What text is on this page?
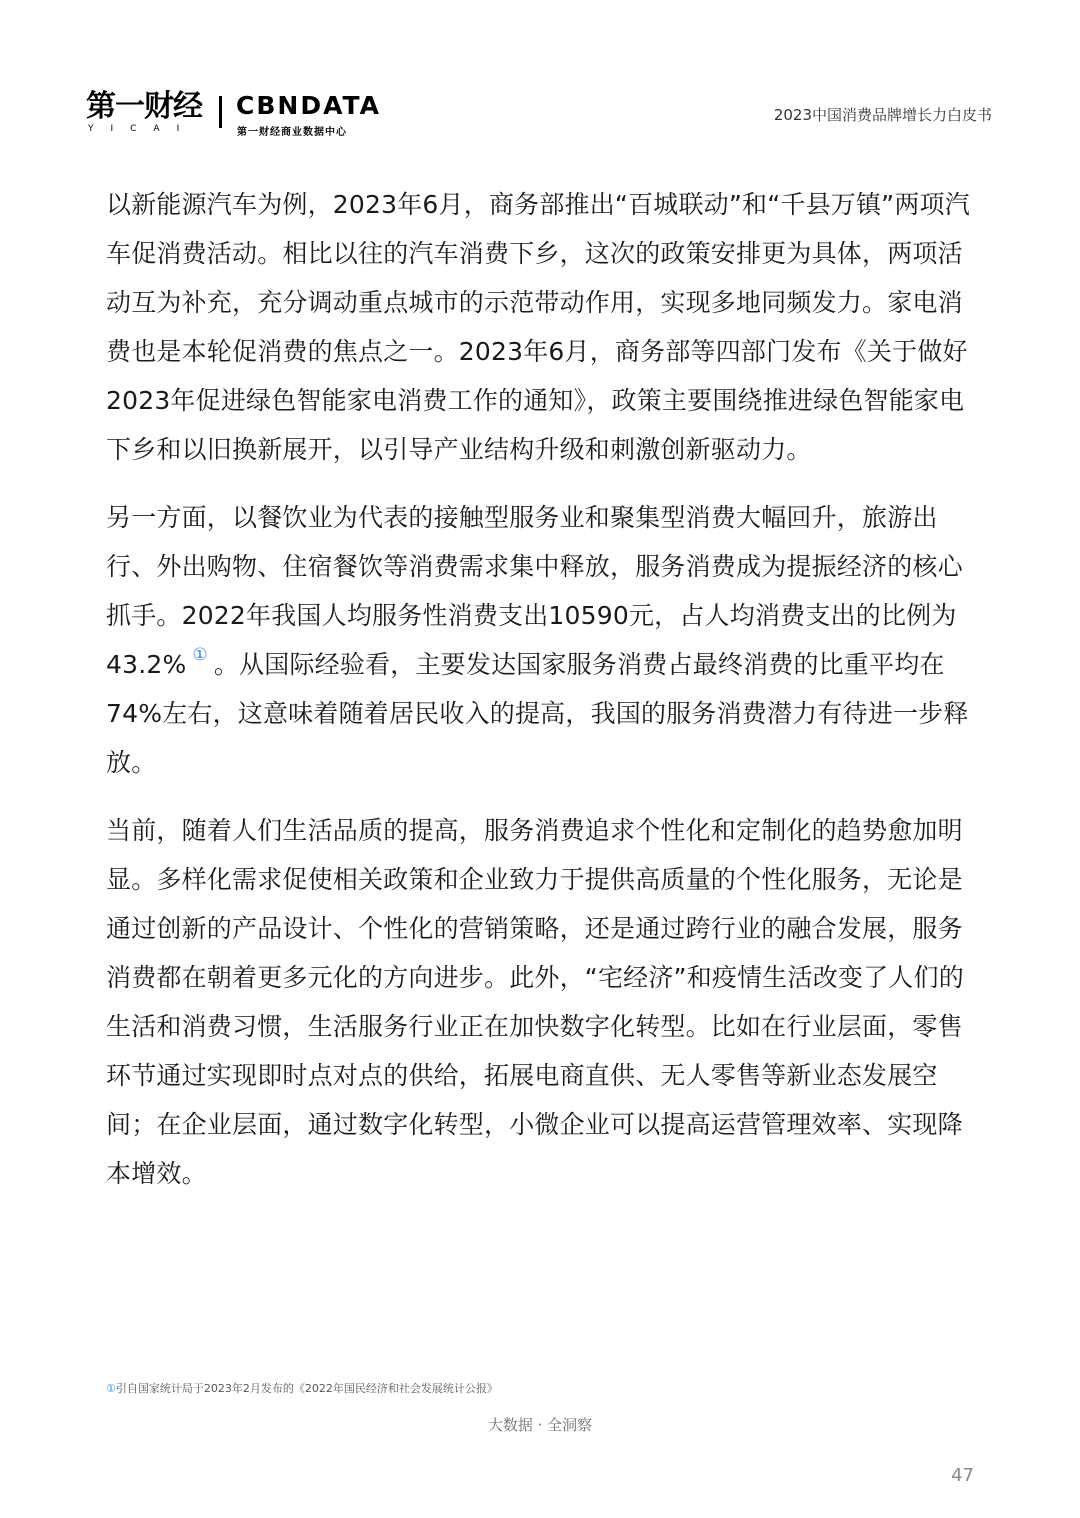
第一财经
YICAI
CBNDATA
第一财经商业数据中心
2023中国消费品牌增长力白皮书

以新能源汽车为例，2023年6月，商务部推出“百城联动”和“千县万镇”两项汽车促消费活动。相比以往的汽车消费下乡，这次的政策安排更为具体，两项活动互为补充，充分调动重点城市的示范带动作用，实现多地同频发力。家电消费也是本轮促消费的焦点之一。2023年6月，商务部等四部门发布《关于做好2023年促进绿色智能家电消费工作的通知》，政策主要围绕推进绿色智能家电下乡和以旧换新展开，以引导产业结构升级和刺激创新驱动力。

另一方面，以餐饮业为代表的接触型服务业和聚集型消费大幅回升，旅游出行、外出购物、住宿餐饮等消费需求集中释放，服务消费成为提振经济的核心抓手。2022年我国人均服务性消费支出10590元，占人均消费支出的比例为43.2% ① 。从国际经验看，主要发达国家服务消费占最终消费的比重平均在74%左右，这意味着随着居民收入的提高，我国的服务消费潜力有待进一步释放。

当前，随着人们生活品质的提高，服务消费追求个性化和定制化的趋势愈加明显。多样化需求促使相关政策和企业致力于提供高质量的个性化服务，无论是通过创新的产品设计、个性化的营销策略，还是通过跨行业的融合发展，服务消费都在朝着更多元化的方向进步。此外，“宅经济”和疫情生活改变了人们的生活和消费习惯，生活服务行业正在加快数字化转型。比如在行业层面，零售环节通过实现即时点对点的供给，拓展电商直供、无人零售等新业态发展空间；在企业层面，通过数字化转型，小微企业可以提高运营管理效率、实现降本增效。

①引自国家统计局于2023年2月发布的《2022年国民经济和社会发展统计公报》
大数据 · 全洞察
47
